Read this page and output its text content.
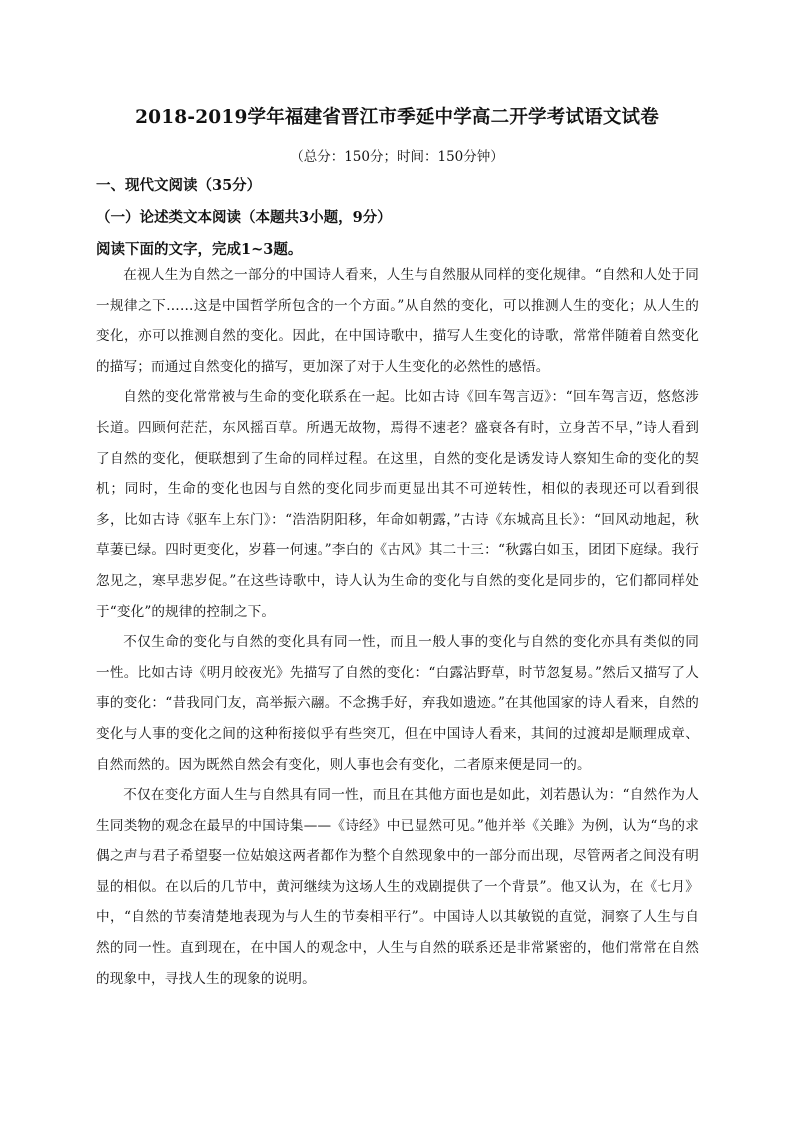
2018-2019学年福建省晋江市季延中学高二开学考试语文试卷
（总分：150分；时间：150分钟）
一、现代文阅读（35分）
（一）论述类文本阅读（本题共3小题，9分）
阅读下面的文字，完成1~3题。

在视人生为自然之一部分的中国诗人看来，人生与自然服从同样的变化规律。“自然和人处于同一规律之下……这是中国哲学所包含的一个方面。”从自然的变化，可以推测人生的变化；从人生的变化，亦可以推测自然的变化。因此，在中国诗歌中，描写人生变化的诗歌，常常伴随着自然变化的描写；而通过自然变化的描写，更加深了对于人生变化的必然性的感悟。

自然的变化常常被与生命的变化联系在一起。比如古诗《回车驾言迈》：“回车驾言迈，悠悠涉长道。四顾何茫茫，东风摇百草。所遇无故物，焉得不速老？盛衰各有时，立身苦不早，”诗人看到了自然的变化，便联想到了生命的同样过程。在这里，自然的变化是诱发诗人察知生命的变化的契机；同时，生命的变化也因与自然的变化同步而更显出其不可逆转性，相似的表现还可以看到很多，比如古诗《驱车上东门》：“浩浩阴阳移，年命如朝露，”古诗《东城高且长》：“回风动地起，秋草萋已绿。四时更变化，岁暮一何速。”李白的《古风》其二十三：“秋露白如玉，团团下庭绿。我行忽见之，寒早悲岁促。”在这些诗歌中，诗人认为生命的变化与自然的变化是同步的，它们都同样处于“变化”的规律的控制之下。

不仅生命的变化与自然的变化具有同一性，而且一般人事的变化与自然的变化亦具有类似的同一性。比如古诗《明月皎夜光》先描写了自然的变化：“白露沾野草，时节忽复易。”然后又描写了人事的变化：“昔我同门友，高举振六翮。不念携手好，弃我如遗迹。”在其他国家的诗人看来，自然的变化与人事的变化之间的这种衔接似乎有些突兀，但在中国诗人看来，其间的过渡却是顺理成章、自然而然的。因为既然自然会有变化，则人事也会有变化，二者原来便是同一的。

不仅在变化方面人生与自然具有同一性，而且在其他方面也是如此，刘若愚认为：“自然作为人生同类物的观念在最早的中国诗集——《诗经》中已显然可见。”他并举《关雎》为例，认为“鸟的求偶之声与君子希望娶一位姑娘这两者都作为整个自然现象中的一部分而出现，尽管两者之间没有明显的相似。在以后的几节中，黄河继续为这场人生的戏剧提供了一个背景”。他又认为，在《七月》中，“自然的节奏清楚地表现为与人生的节奏相平行”。中国诗人以其敏锐的直觉，洞察了人生与自然的同一性。直到现在，在中国人的观念中，人生与自然的联系还是非常紧密的，他们常常在自然的现象中，寻找人生的现象的说明。
